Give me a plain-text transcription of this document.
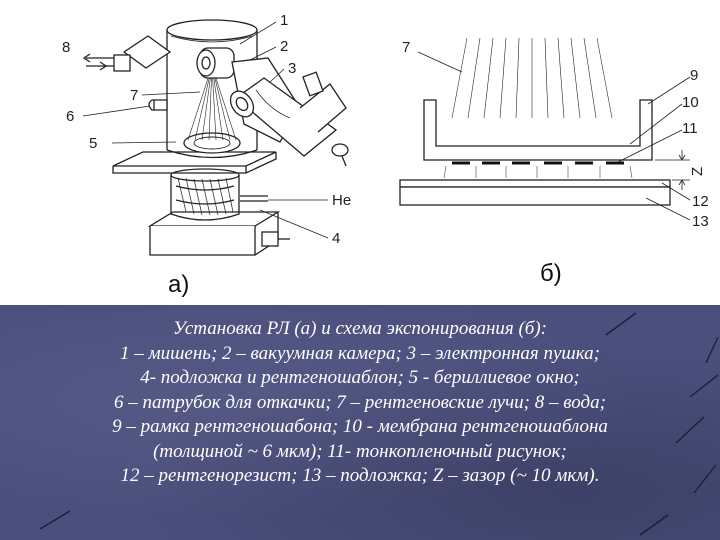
1
2
3
4
5
6
7
8
He
а)
7
9
10
11
Z
12
13
б)
Установка РЛ (а) и схема экспонирования (б):
1 – мишень; 2 – вакуумная камера; 3 – электронная пушка;
4- подложка и рентгеношаблон; 5 - бериллиевое окно;
6 – патрубок для откачки; 7 – рентгеновские лучи; 8 – вода;
9 – рамка рентгеношабона; 10 - мембрана рентгеношаблона
(толщиной ~ 6 мкм); 11- тонкопленочный рисунок;
12 – рентгенорезист; 13 – подложка; Z – зазор (~ 10 мкм).
